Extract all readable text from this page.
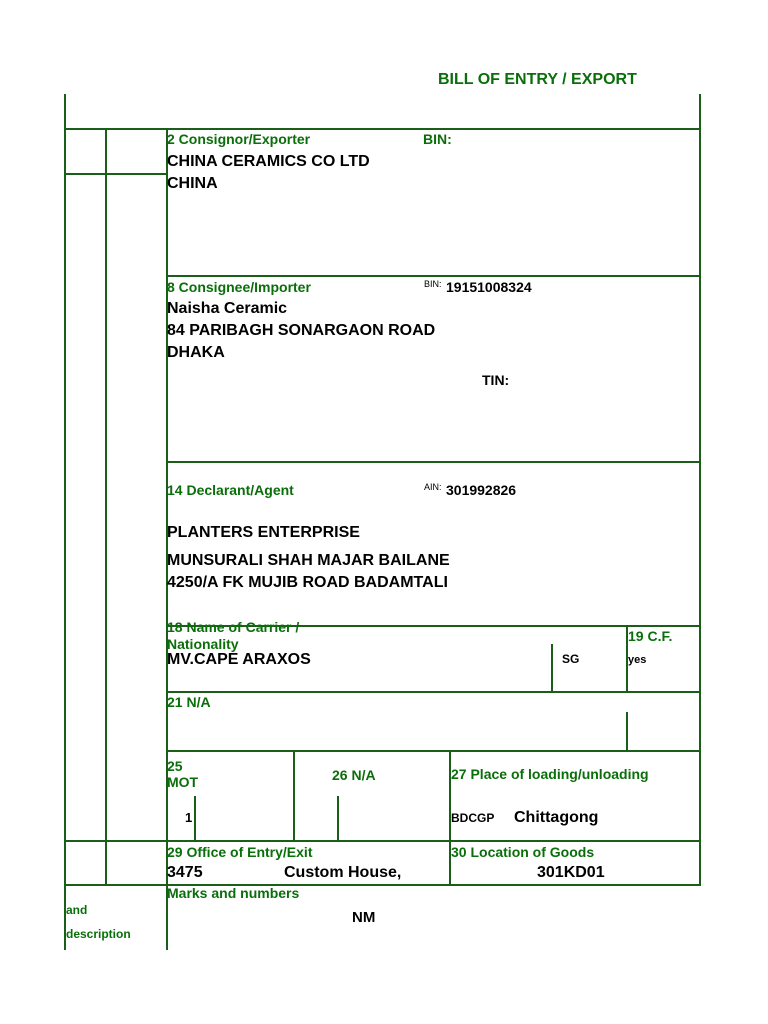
BILL OF ENTRY / EXPORT
2 Consignor/Exporter	BIN:
CHINA CERAMICS CO LTD
CHINA
8 Consignee/Importer	BIN: 19151008324
Naisha Ceramic
84 PARIBAGH SONARGAON ROAD
DHAKA
TIN:
14 Declarant/Agent	AIN: 301992826
PLANTERS ENTERPRISE
MUNSURALI SHAH MAJAR BAILANE
4250/A FK MUJIB ROAD BADAMTALI
18 Name of Carrier /
Nationality
MV.CAPE ARAXOS	SG
19 C.F.
yes
21 N/A
25
MOT
1
26 N/A	27 Place of loading/unloading
BDCGP Chittagong
29 Office of Entry/Exit
3475	Custom House,
30 Location of Goods
301KD01
Marks and numbers
NM
and
description
